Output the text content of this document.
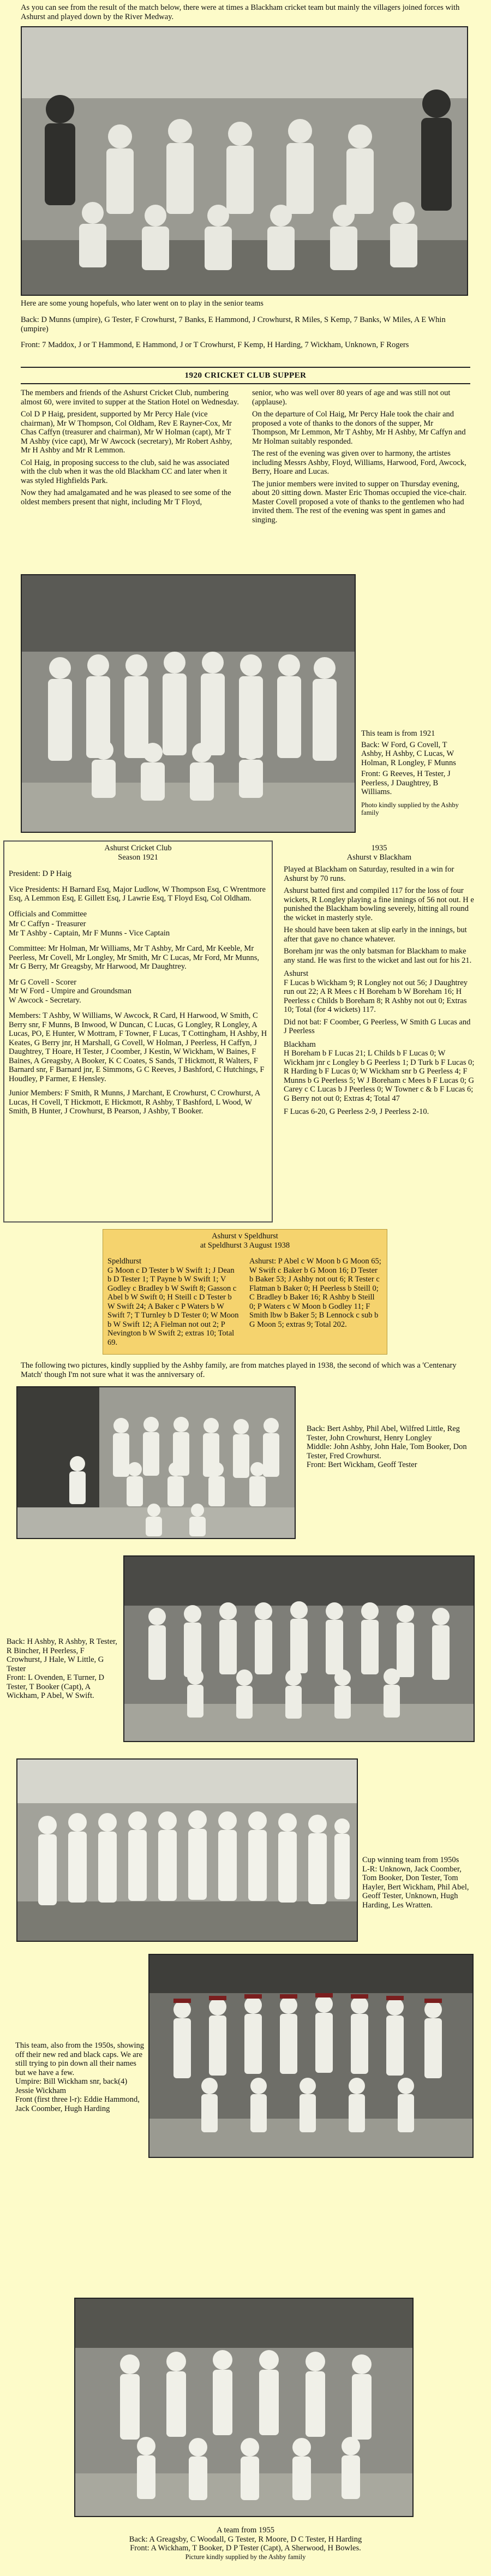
As you can see from the result of the match below, there were at times a Blackham cricket team but mainly the villagers joined forces with Ashurst and played down by the River Medway.
Here are some young hopefuls, who later went on to play in the senior teams
Back: D Munns (umpire), G Tester, F Crowhurst, 7 Banks, E Hammond, J Crowhurst, R Miles, S Kemp, 7 Banks, W Miles, A E Whin (umpire)
Front: 7 Maddox, J or T Hammond, E Hammond, J or T Crowhurst, F Kemp, H Harding, 7 Wickham, Unknown, F Rogers
1920 CRICKET CLUB SUPPER

The members and friends of the Ashurst Cricket Club, numbering almost 60, were invited to supper at the Station Hotel on Wednesday.

Col D P Haig, president, supported by Mr Percy Hale (vice chairman), Mr W Thompson, Col Oldham, Rev E Rayner-Cox, Mr Chas Caffyn (treasurer and chairman), Mr W Holman (capt), Mr T M Ashby (vice capt), Mr W Awcock (secretary), Mr Robert Ashby, Mr H Ashby and Mr R Lemmon.

Col Haig, in proposing success to the club, said he was associated with the club when it was the old Blackham CC and later when it was styled Highfields Park.

Now they had amalgamated and he was pleased to see some of the oldest members present that night, including Mr T Floyd,

senior, who was well over 80 years of age and was still not out (applause).

On the departure of Col Haig, Mr Percy Hale took the chair and proposed a vote of thanks to the donors of the supper, Mr Thompson, Mr Lemmon, Mr T Ashby, Mr H Ashby, Mr Caffyn and Mr Holman suitably responded.

The rest of the evening was given over to harmony, the artistes including Messrs Ashby, Floyd, Williams, Harwood, Ford, Awcock, Berry, Hoare and Lucas.

The junior members were invited to supper on Thursday evening, about 20 sitting down. Master Eric Thomas occupied the vice-chair. Master Covell proposed a vote of thanks to the gentlemen who had invited them. The rest of the evening was spent in games and singing.

This team is from 1921

Back: W Ford, G Covell, T Ashby, H Ashby, C Lucas, W Holman, R Longley, F Munns

Front: G Reeves, H Tester, J Peerless, J Daughtrey, B Williams.

Photo kindly supplied by the Ashby family

Ashurst Cricket Club
Season 1921

President: D P Haig

Vice Presidents: H Barnard Esq, Major Ludlow, W Thompson Esq, C Wrentmore Esq, A Lemmon Esq, E Gillett Esq, J Lawrie Esq, T Floyd Esq, Col Oldham.

Officials and Committee

Mr C Caffyn - Treasurer
Mr T Ashby - Captain, Mr F Munns - Vice Captain

Committee: Mr Holman, Mr Williams, Mr T Ashby, Mr Card, Mr Keeble, Mr Peerless, Mr Covell, Mr Longley, Mr Smith, Mr C Lucas, Mr Ford, Mr Munns, Mr G Berry, Mr Greagsby, Mr Harwood, Mr Daughtrey.

Mr G Covell - Scorer
Mr W Ford - Umpire and Groundsman
W Awcock - Secretary.

Members: T Ashby, W Williams, W Awcock, R Card, H Harwood, W Smith, C Berry snr, F Munns, B Inwood, W Duncan, C Lucas, G Longley, R Longley, A Lucas, PO, E Hunter, W Mottram, F Towner, F Lucas, T Cottingham, H Ashby, H Keates, G Berry jnr, H Marshall, G Covell, W Holman, J Peerless, H Caffyn, J Daughtrey, T Hoare, H Tester, J Coomber, J Kestin, W Wickham, W Baines, F Baines, A Greagsby, A Booker, K C Coates, S Sands, T Hickmott, R Walters, F Barnard snr, F Barnard jnr, E Simmons, G C Reeves, J Bashford, C Hutchings, F Houdley, P Farmer, E Hensley.

Junior Members: F Smith, R Munns, J Marchant, E Crowhurst, C Crowhurst, A Lucas, H Covell, T Hickmott, E Hickmott, R Ashby, T Bashford, L Wood, W Smith, B Hunter, J Crowhurst, B Pearson, J Ashby, T Booker.

1935
Ashurst v Blackham

Played at Blackham on Saturday, resulted in a win for Ashurst by 70 runs.

Ashurst batted first and compiled 117 for the loss of four wickets, R Longley playing a fine innings of 56 not out. H e punished the Blackham bowling severely, hitting all round the wicket in masterly style.

He should have been taken at slip early in the innings, but after that gave no chance whatever.

Boreham jnr was the only batsman for Blackham to make any stand. He was first to the wicket and last out for his 21.

Ashurst

F Lucas b Wickham 9; R Longley not out 56; J Daughtrey run out 22; A R Mees c H Boreham b W Boreham 16; H Peerless c Childs b Boreham 8; R Ashby not out 0; Extras 10; Total (for 4 wickets) 117.

Did not bat: F Coomber, G Peerless, W Smith G Lucas and J Peerless

Blackham

H Boreham b F Lucas 21; L Childs b F Lucas 0; W Wickham jnr c Longley b G Peerless 1; D Turk b F Lucas 0; R Harding b F Lucas 0; W Wickham snr b G Peerless 4; F Munns b G Peerless 5; W J Boreham c Mees b F Lucas 0; G Carey c C Lucas b J Peerless 0; W Towner c & b F Lucas 6; G Berry not out 0; Extras 4; Total 47

F Lucas 6-20, G Peerless 2-9, J Peerless 2-10.

Ashurst v Speldhurst
at Speldhurst 3 August 1938
Speldhurst
G Moon c D Tester b W Swift 1; J Dean b D Tester 1; T Payne b W Swift 1; V Godley c Bradley b W Swift 8; Gasson c Abel b W Swift 0; H Steill c D Tester b W Swift 24; A Baker c P Waters b W Swift 7; T Turnley b D Tester 0; W Moon b W Swift 12; A Fielman not out 2; P Nevington b W Swift 2; extras 10; Total 69.
Ashurst: P Abel c W Moon b G Moon 65; W Swift c Baker b G Moon 16; D Tester b Baker 53; J Ashby not out 6; R Tester c Flatman b Baker 0; H Peerless b Steill 0; C Bradley b Baker 16; R Ashby b Steill 0; P Waters c W Moon b Godley 11; F Smith lbw b Baker 5; B Lennock c sub b G Moon 5; extras 9; Total 202.
The following two pictures, kindly supplied by the Ashby family, are from matches played in 1938, the second of which was a 'Centenary Match' though I'm not sure what it was the anniversary of.
Back: Bert Ashby, Phil Abel, Wilfred Little, Reg Tester, John Crowhurst, Henry Longley
Middle: John Ashby, John Hale, Tom Booker, Don Tester, Fred Crowhurst.
Front: Bert Wickham, Geoff Tester
Back: H Ashby, R Ashby, R Tester, R Bincher, H Peerless, F Crowhurst, J Hale, W Little, G Tester
Front: L Ovenden, E Turner, D Tester, T Booker (Capt), A Wickham, P Abel, W Swift.
Cup winning team from 1950s
L-R: Unknown, Jack Coomber, Tom Booker, Don Tester, Tom Hayler, Bert Wickham, Phil Abel, Geoff Tester, Unknown, Hugh Harding, Les Wratten.
This team, also from the 1950s, showing off their new red and black caps. We are still trying to pin down all their names but we have a few.
Umpire: Bill Wickham snr, back(4) Jessie Wickham
Front (first three l-r): Eddie Hammond, Jack Coomber, Hugh Harding
A team from 1955
Back: A Greagsby, C Woodall, G Tester, R Moore, D C Tester, H Harding
Front: A Wickham, T Booker, D P Tester (Capt), A Sherwood, H Bowles.
Picture kindly supplied by the Ashby family
